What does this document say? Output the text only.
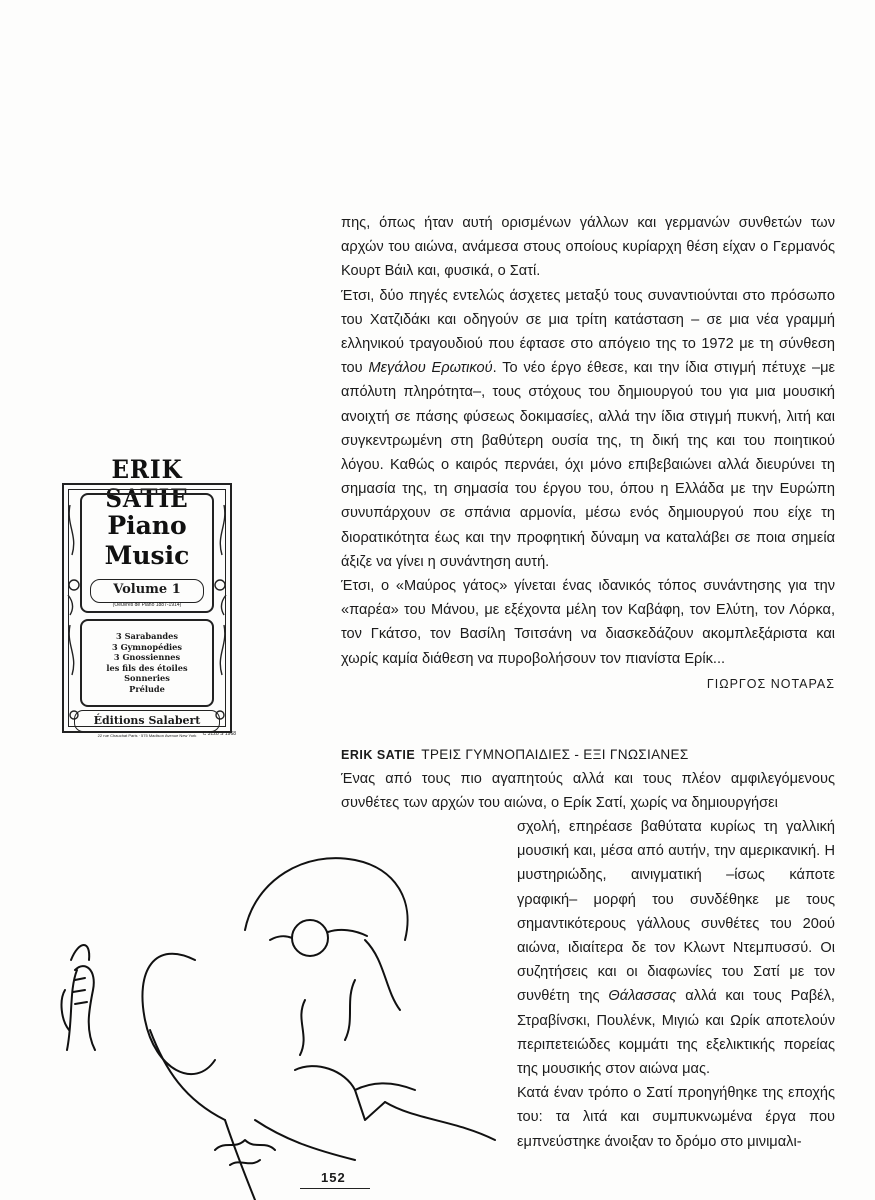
πης, όπως ήταν αυτή ορισμένων γάλλων και γερμανών συνθετών των αρχών του αιώνα, ανάμεσα στους οποίους κυρίαρχη θέση είχαν ο Γερμανός Κουρτ Βάιλ και, φυσικά, ο Σατί.

Έτσι, δύο πηγές εντελώς άσχετες μεταξύ τους συναντιούνται στο πρόσωπο του Χατζιδάκι και οδηγούν σε μια τρίτη κατάσταση – σε μια νέα γραμμή ελληνικού τραγουδιού που έφτασε στο απόγειο της το 1972 με τη σύνθεση του Μεγάλου Ερωτικού. Το νέο έργο έθεσε, και την ίδια στιγμή πέτυχε –με απόλυτη πληρότητα–, τους στόχους του δημιουργού του για μια μουσική ανοιχτή σε πάσης φύσεως δοκιμασίες, αλλά την ίδια στιγμή πυκνή, λιτή και συγκεντρωμένη στη βαθύτερη ουσία της, τη δική της και του ποιητικού λόγου. Καθώς ο καιρός περνάει, όχι μόνο επιβεβαιώνει αλλά διευρύνει τη σημασία της, τη σημασία του έργου του, όπου η Ελλάδα με την Ευρώπη συνυπάρχουν σε σπάνια αρμονία, μέσω ενός δημιουργού που είχε τη διορατικότητα έως και την προφητική δύναμη να καταλάβει σε ποια σημεία άξιζε να γίνει η συνάντηση αυτή.

Έτσι, ο «Μαύρος γάτος» γίνεται ένας ιδανικός τόπος συνάντησης για την «παρέα» του Μάνου, με εξέχοντα μέλη τον Καβάφη, τον Ελύτη, τον Λόρκα, τον Γκάτσο, τον Βασίλη Τσιτσάνη να διασκεδάζουν ακομπλεξάριστα και χωρίς καμία διάθεση να πυροβολήσουν τον πιανίστα Ερίκ...

ΓΙΩΡΓΟΣ ΝΟΤΑΡΑΣ
ERIK SATIE
Piano
Music
Volume 1
(Oeuvres de Piano 1887-1914)
3 Sarabandes
3 Gymnopédies
3 Gnossiennes
les fils des étoiles
Sonneries
Prélude
Éditions Salabert
22 rue Chauchat Paris · 575 Madison Avenue New York	C 3128 S 1968

ERIK SATIE ΤΡΕΙΣ ΓΥΜΝΟΠΑΙΔΙΕΣ - ΕΞΙ ΓΝΩΣΙΑΝΕΣ

Ένας από τους πιο αγαπητούς αλλά και τους πλέον αμφιλεγόμενους συνθέτες των αρχών του αιώνα, ο Ερίκ Σατί, χωρίς να δημιουργήσει

σχολή, επηρέασε βαθύτατα κυρίως τη γαλλική μουσική και, μέσα από αυτήν, την αμερικανική. Η μυστηριώδης, αινιγματική –ίσως κάποτε γραφική– μορφή του συνδέθηκε με τους σημαντικότερους γάλλους συνθέτες του 20ού αιώνα, ιδιαίτερα δε τον Κλωντ Ντεμπυσσύ. Οι συζητήσεις και οι διαφωνίες του Σατί με τον συνθέτη της Θάλασσας αλλά και τους Ραβέλ, Στραβίνσκι, Πουλένκ, Μιγιώ και Ωρίκ αποτελούν περιπετειώδες κομμάτι της εξελικτικής πορείας της μουσικής στον αιώνα μας.

Κατά έναν τρόπο ο Σατί προηγήθηκε της εποχής του: τα λιτά και συμπυκνωμένα έργα που εμπνεύστηκε άνοιξαν το δρόμο στο μινιμαλι-

152
